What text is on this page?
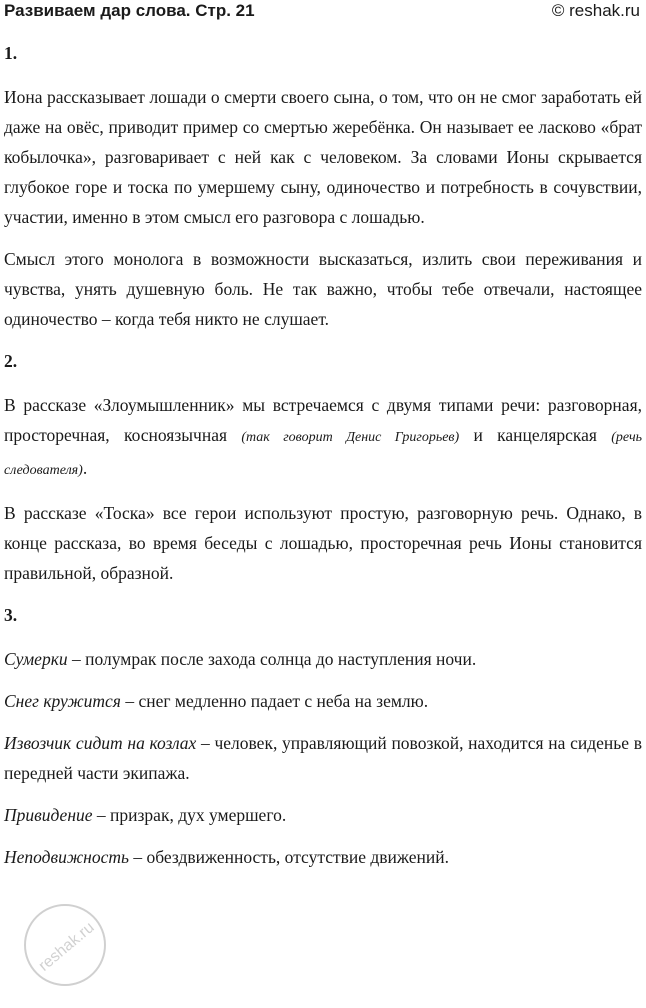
Развиваем дар слова. Стр. 21	© reshak.ru
1.

Иона рассказывает лошади о смерти своего сына, о том, что он не смог заработать ей даже на овёс, приводит пример со смертью жеребёнка. Он называет ее ласково «брат кобылочка», разговаривает с ней как с человеком. За словами Ионы скрывается глубокое горе и тоска по умершему сыну, одиночество и потребность в сочувствии, участии, именно в этом смысл его разговора с лошадью.

Смысл этого монолога в возможности высказаться, излить свои переживания и чувства, унять душевную боль. Не так важно, чтобы тебе отвечали, настоящее одиночество – когда тебя никто не слушает.

2.

В рассказе «Злоумышленник» мы встречаемся с двумя типами речи: разговорная, просторечная, косноязычная (так говорит Денис Григорьев) и канцелярская (речь следователя).

В рассказе «Тоска» все герои используют простую, разговорную речь. Однако, в конце рассказа, во время беседы с лошадью, просторечная речь Ионы становится правильной, образной.

3.

Сумерки – полумрак после захода солнца до наступления ночи.

Снег кружится – снег медленно падает с неба на землю.

Извозчик сидит на козлах – человек, управляющий повозкой, находится на сиденье в передней части экипажа.

Привидение – призрак, дух умершего.

Неподвижность – обездвиженность, отсутствие движений.

reshak.ru
